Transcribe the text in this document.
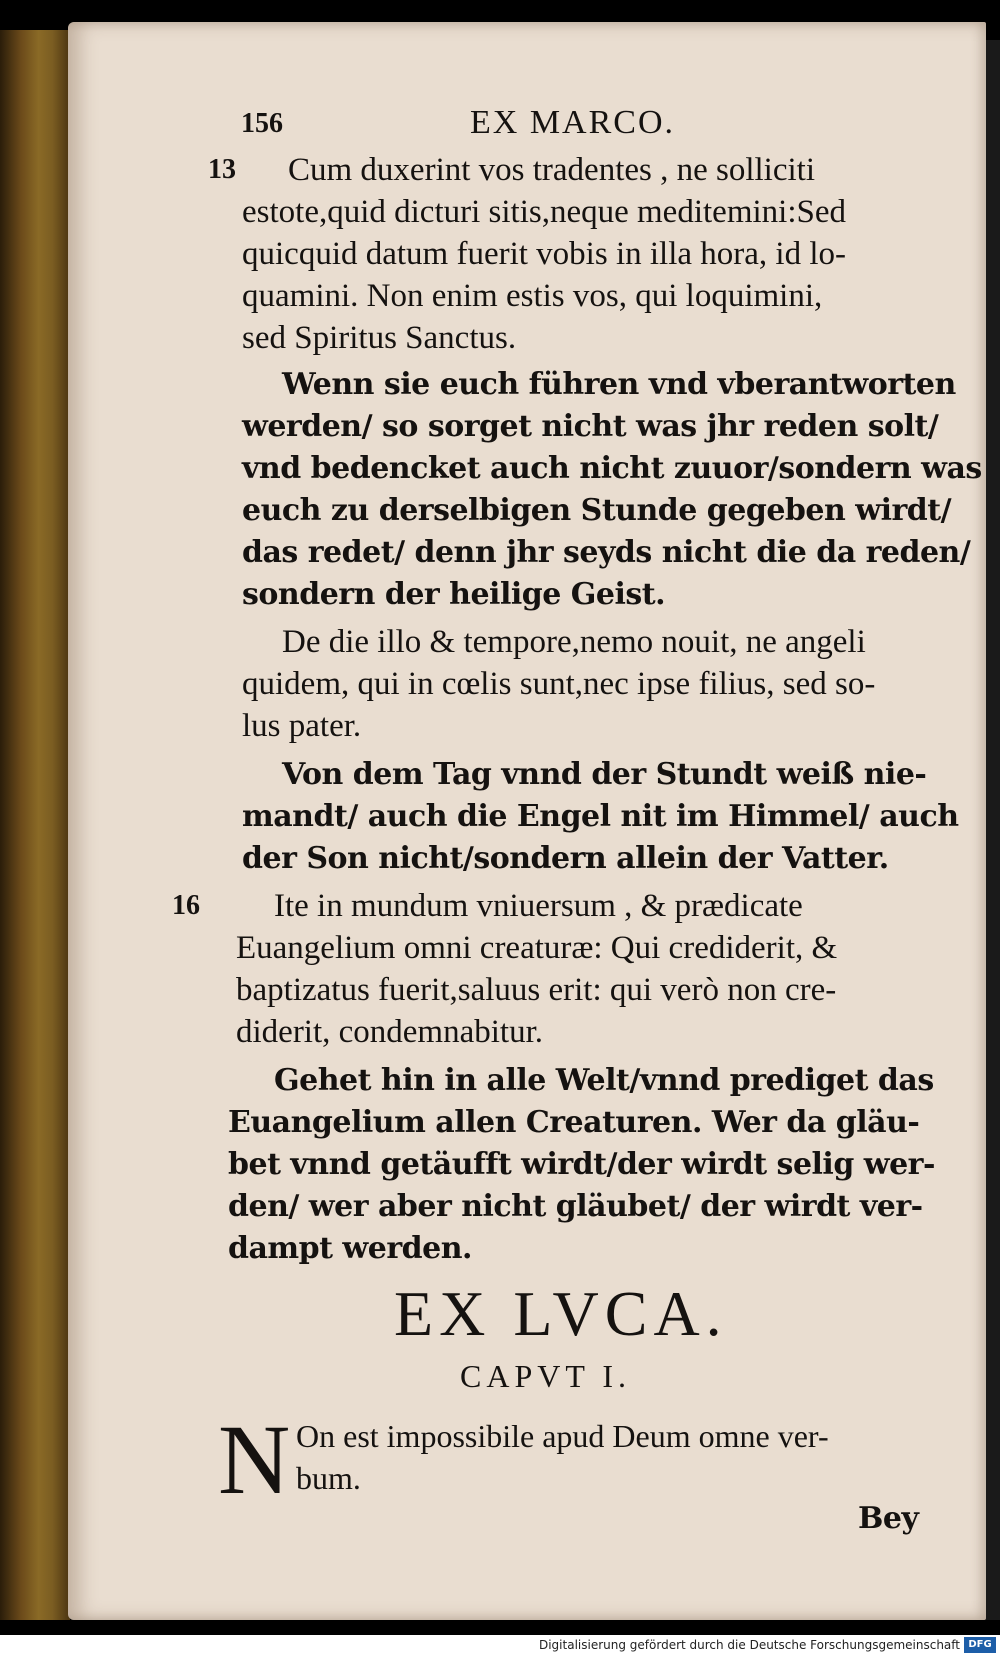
156	EX MARCO.
13 Cum duxerint vos tradentes , ne solliciti
estote,quid dicturi sitis,neque meditemini:Sed
quicquid datum fuerit vobis in illa hora, id lo-
quamini. Non enim estis vos, qui loquimini,
sed Spiritus Sanctus.
Wenn sie euch führen vnd vberantworten
werden/ so sorget nicht was jhr reden solt/
vnd bedencket auch nicht zuuor/sondern was
euch zu derselbigen Stunde gegeben wirdt/
das redet/ denn jhr seyds nicht die da reden/
sondern der heilige Geist.
De die illo & tempore,nemo nouit, ne angeli
quidem, qui in cœlis sunt,nec ipse filius, sed so-
lus pater.
Von dem Tag vnnd der Stundt weiß nie-
mandt/ auch die Engel nit im Himmel/ auch
der Son nicht/sondern allein der Vatter.
16 Ite in mundum vniuersum , & prædicate
Euangelium omni creaturæ: Qui crediderit, &
baptizatus fuerit,saluus erit: qui verò non cre-
diderit, condemnabitur.
Gehet hin in alle Welt/vnnd prediget das
Euangelium allen Creaturen. Wer da gläu-
bet vnnd getäufft wirdt/der wirdt selig wer-
den/ wer aber nicht gläubet/ der wirdt ver-
dampt werden.
EX LVCA.
CAPVT I.
N On est impossibile apud Deum omne ver-
bum.
Bey
Digitalisierung gefördert durch die Deutsche Forschungsgemeinschaft DFG
